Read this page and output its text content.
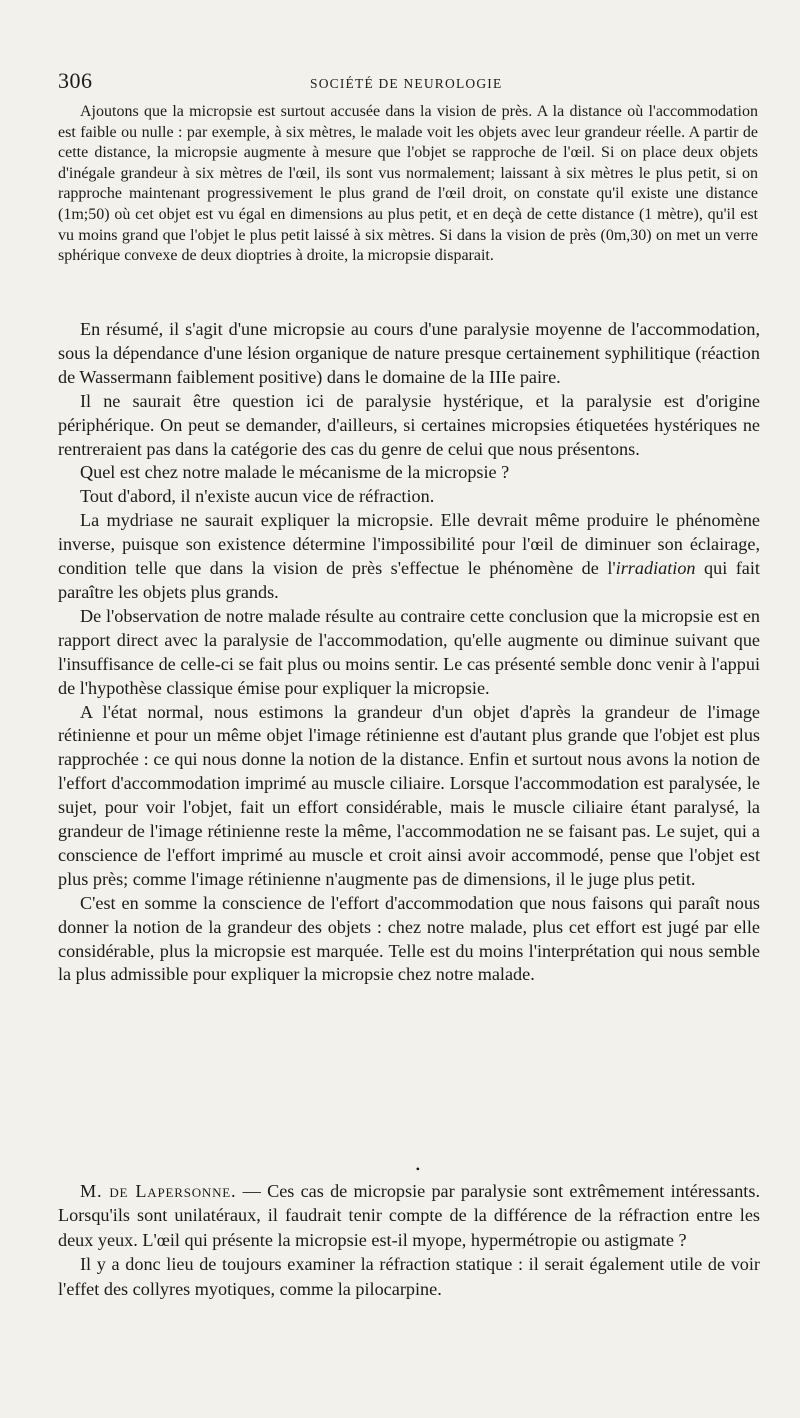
306	SOCIÉTÉ DE NEUROLOGIE

Ajoutons que la micropsie est surtout accusée dans la vision de près. A la distance où l'accommodation est faible ou nulle : par exemple, à six mètres, le malade voit les objets avec leur grandeur réelle. A partir de cette distance, la micropsie augmente à mesure que l'objet se rapproche de l'œil. Si on place deux objets d'inégale grandeur à six mètres de l'œil, ils sont vus normalement; laissant à six mètres le plus petit, si on rapproche maintenant progressivement le plus grand de l'œil droit, on constate qu'il existe une distance (1m;50) où cet objet est vu égal en dimensions au plus petit, et en deçà de cette distance (1 mètre), qu'il est vu moins grand que l'objet le plus petit laissé à six mètres. Si dans la vision de près (0m,30) on met un verre sphérique convexe de deux dioptries à droite, la micropsie disparait.

En résumé, il s'agit d'une micropsie au cours d'une paralysie moyenne de l'accommodation, sous la dépendance d'une lésion organique de nature presque certainement syphilitique (réaction de Wassermann faiblement positive) dans le domaine de la IIIe paire.

Il ne saurait être question ici de paralysie hystérique, et la paralysie est d'origine périphérique. On peut se demander, d'ailleurs, si certaines micropsies étiquetées hystériques ne rentreraient pas dans la catégorie des cas du genre de celui que nous présentons.

Quel est chez notre malade le mécanisme de la micropsie ?

Tout d'abord, il n'existe aucun vice de réfraction.

La mydriase ne saurait expliquer la micropsie. Elle devrait même produire le phénomène inverse, puisque son existence détermine l'impossibilité pour l'œil de diminuer son éclairage, condition telle que dans la vision de près s'effectue le phénomène de l'irradiation qui fait paraître les objets plus grands.

De l'observation de notre malade résulte au contraire cette conclusion que la micropsie est en rapport direct avec la paralysie de l'accommodation, qu'elle augmente ou diminue suivant que l'insuffisance de celle-ci se fait plus ou moins sentir. Le cas présenté semble donc venir à l'appui de l'hypothèse classique émise pour expliquer la micropsie.

A l'état normal, nous estimons la grandeur d'un objet d'après la grandeur de l'image rétinienne et pour un même objet l'image rétinienne est d'autant plus grande que l'objet est plus rapprochée : ce qui nous donne la notion de la distance. Enfin et surtout nous avons la notion de l'effort d'accommodation imprimé au muscle ciliaire. Lorsque l'accommodation est paralysée, le sujet, pour voir l'objet, fait un effort considérable, mais le muscle ciliaire étant paralysé, la grandeur de l'image rétinienne reste la même, l'accommodation ne se faisant pas. Le sujet, qui a conscience de l'effort imprimé au muscle et croit ainsi avoir accommodé, pense que l'objet est plus près; comme l'image rétinienne n'augmente pas de dimensions, il le juge plus petit.

C'est en somme la conscience de l'effort d'accommodation que nous faisons qui paraît nous donner la notion de la grandeur des objets : chez notre malade, plus cet effort est jugé par elle considérable, plus la micropsie est marquée. Telle est du moins l'interprétation qui nous semble la plus admissible pour expliquer la micropsie chez notre malade.

•

M. de Lapersonne. — Ces cas de micropsie par paralysie sont extrêmement intéressants. Lorsqu'ils sont unilatéraux, il faudrait tenir compte de la différence de la réfraction entre les deux yeux. L'œil qui présente la micropsie est-il myope, hypermétropie ou astigmate ?

Il y a donc lieu de toujours examiner la réfraction statique : il serait également utile de voir l'effet des collyres myotiques, comme la pilocarpine.
